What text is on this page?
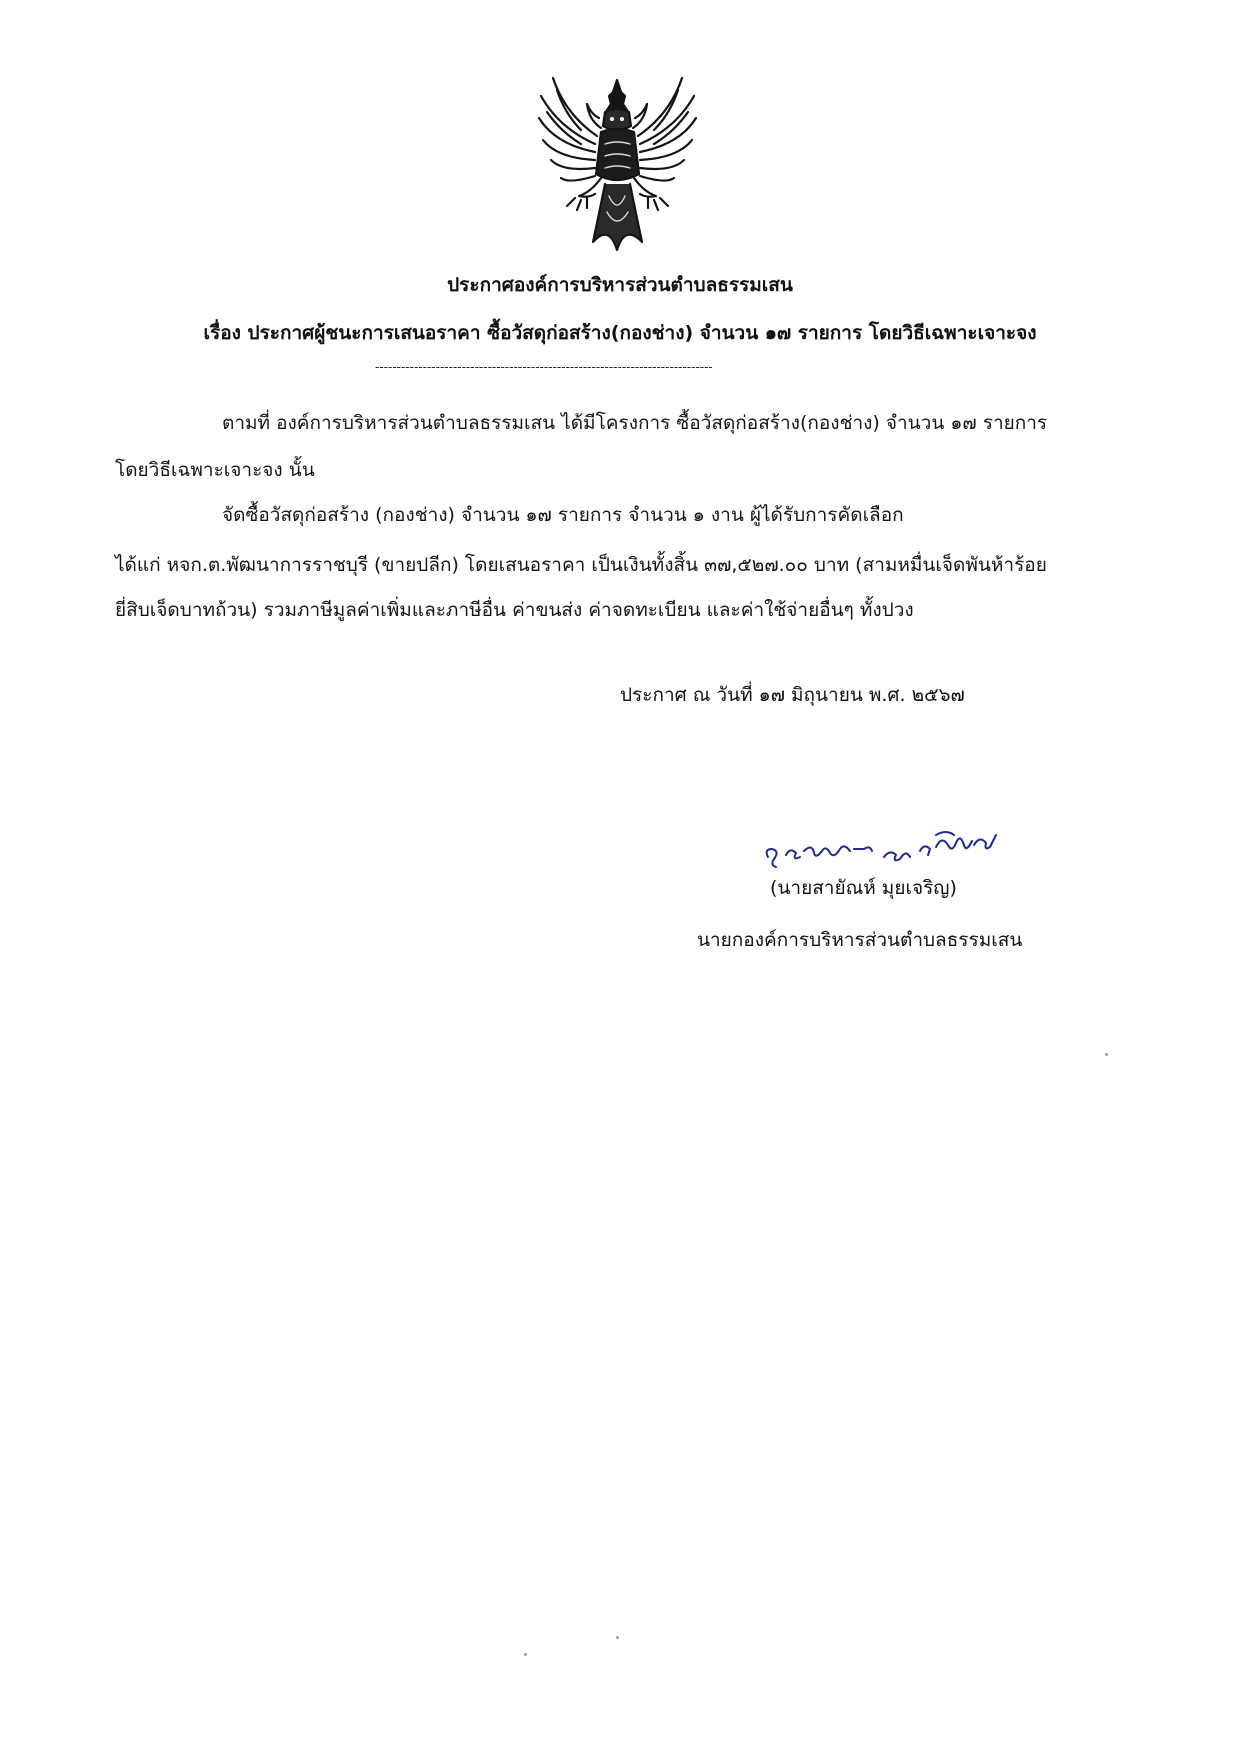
ประกาศองค์การบริหารส่วนตำบลธรรมเสน
เรื่อง ประกาศผู้ชนะการเสนอราคา ซื้อวัสดุก่อสร้าง(กองช่าง) จำนวน ๑๗ รายการ โดยวิธีเฉพาะเจาะจง
------------------------------------------------------------------------------
ตามที่ องค์การบริหารส่วนตำบลธรรมเสน ได้มีโครงการ ซื้อวัสดุก่อสร้าง(กองช่าง) จำนวน ๑๗ รายการ
โดยวิธีเฉพาะเจาะจง นั้น
จัดซื้อวัสดุก่อสร้าง (กองช่าง) จำนวน ๑๗ รายการ จำนวน ๑ งาน ผู้ได้รับการคัดเลือก
ได้แก่ หจก.ต.พัฒนาการราชบุรี (ขายปลีก) โดยเสนอราคา เป็นเงินทั้งสิ้น ๓๗,๕๒๗.๐๐ บาท (สามหมื่นเจ็ดพันห้าร้อย
ยี่สิบเจ็ดบาทถ้วน) รวมภาษีมูลค่าเพิ่มและภาษีอื่น ค่าขนส่ง ค่าจดทะเบียน และค่าใช้จ่ายอื่นๆ ทั้งปวง
ประกาศ ณ วันที่ ๑๗ มิถุนายน พ.ศ. ๒๕๖๗
(นายสายัณห์ มุยเจริญ)
นายกองค์การบริหารส่วนตำบลธรรมเสน
